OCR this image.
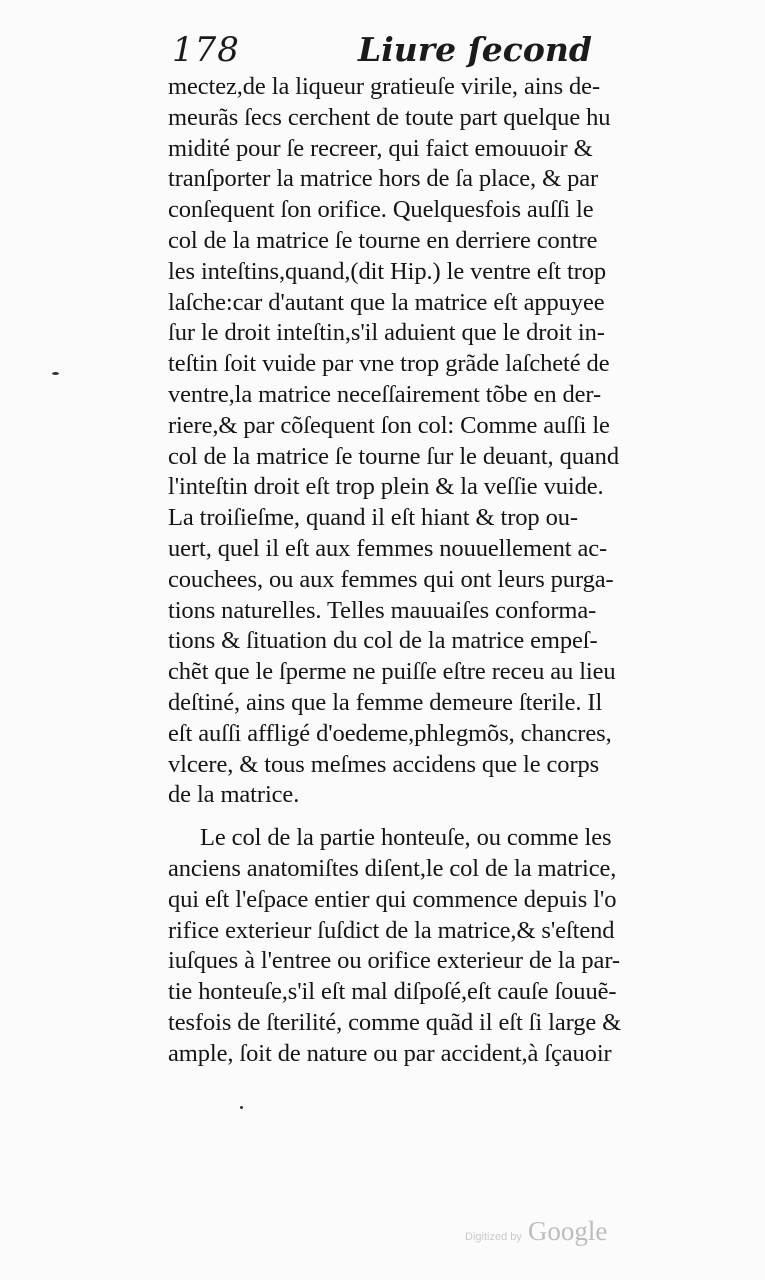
178	Liure ſecond
mectez,de la liqueur gratieuſe virile, ains de-
meurãs ſecs cerchent de toute part quelque hu
midité pour ſe recreer, qui faict emouuoir &
tranſporter la matrice hors de ſa place, & par
conſequent ſon orifice. Quelquesfois auſſi le
col de la matrice ſe tourne en derriere contre
les inteſtins,quand,(dit Hip.) le ventre eſt trop
laſche:car d'autant que la matrice eſt appuyee
ſur le droit inteſtin,s'il aduient que le droit in-
teſtin ſoit vuide par vne trop grãde laſcheté de
ventre,la matrice neceſſairement tõbe en der-
riere,& par cõſequent ſon col: Comme auſſi le
col de la matrice ſe tourne ſur le deuant, quand
l'inteſtin droit eſt trop plein & la veſſie vuide.
La troiſieſme, quand il eſt hiant & trop ou-
uert, quel il eſt aux femmes nouuellement ac-
couchees, ou aux femmes qui ont leurs purga-
tions naturelles. Telles mauuaiſes conforma-
tions & ſituation du col de la matrice empeſ-
chẽt que le ſperme ne puiſſe eſtre receu au lieu
deſtiné, ains que la femme demeure ſterile. Il
eſt auſſi affligé d'oedeme,phlegmõs, chancres,
vlcere, & tous meſmes accidens que le corps
de la matrice.
Le col de la partie honteuſe, ou comme les
anciens anatomiſtes diſent,le col de la matrice,
qui eſt l'eſpace entier qui commence depuis l'o
rifice exterieur ſuſdict de la matrice,& s'eſtend
iuſques à l'entree ou orifice exterieur de la par-
tie honteuſe,s'il eſt mal diſpoſé,eſt cauſe ſouuẽ-
tesfois de ſterilité, comme quãd il eſt ſi large &
ample, ſoit de nature ou par accident,à ſçauoir
Digitized by Google
